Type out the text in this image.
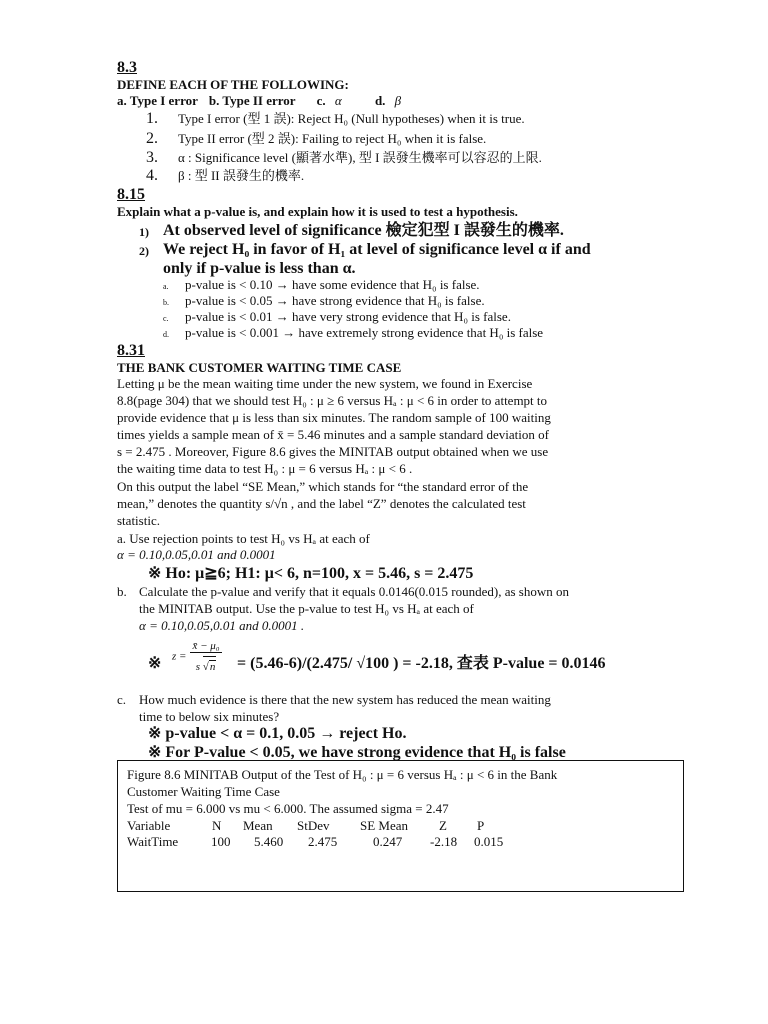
8.3
DEFINE EACH OF THE FOLLOWING:
a. Type I error b. Type II error c. α	d. β
1. Type I error (型 1 誤): Reject H₀ (Null hypotheses) when it is true.
2. Type II error (型 2 誤): Failing to reject H₀ when it is false.
3. α : Significance level (顯著水準), 型 I 誤發生機率可以容忍的上限.
4. β : 型 II 誤發生的機率.
8.15
Explain what a p-value is, and explain how it is used to test a hypothesis.
1) At observed level of significance 檢定犯型 I 誤發生的機率.
2) We reject H₀ in favor of H₁ at level of significance level α if and
only if p-value is less than α.
a. p-value is < 0.10 → have some evidence that H₀ is false.
b. p-value is < 0.05 → have strong evidence that H₀ is false.
c. p-value is < 0.01 → have very strong evidence that H₀ is false.
d. p-value is < 0.001 → have extremely strong evidence that H₀ is false
8.31
THE BANK CUSTOMER WAITING TIME CASE
Letting μ be the mean waiting time under the new system, we found in Exercise
8.8(page 304) that we should test H₀ : μ ≥ 6 versus Hₐ : μ < 6 in order to attempt to
provide evidence that μ is less than six minutes. The random sample of 100 waiting
times yields a sample mean of x̄ = 5.46 minutes and a sample standard deviation of
s = 2.475 . Moreover, Figure 8.6 gives the MINITAB output obtained when we use
the waiting time data to test H₀ : μ = 6 versus Hₐ : μ < 6 .
On this output the label “SE Mean,” which stands for “the standard error of the
mean,” denotes the quantity s/√n , and the label “Z” denotes the calculated test
statistic.
a. Use rejection points to test H₀ vs Hₐ at each of
α = 0.10,0.05,0.01 and 0.0001
※ Ho: μ≧6; H1: μ< 6, n=100, x = 5.46, s = 2.475
b. Calculate the p-value and verify that it equals 0.0146(0.015 rounded), as shown on
the MINITAB output. Use the p-value to test H₀ vs Hₐ at each of
α = 0.10,0.05,0.01 and 0.0001 .
※ $z = \frac{\text{x̄ − μ₀}}{s √n} = (5.46-6)/(2.475/$ √100 ) = -2.18, 查表 P-value = 0.0146
c. How much evidence is there that the new system has reduced the mean waiting
time to below six minutes?
※ p-value < α = 0.1, 0.05 → reject Ho.
※ For P-value < 0.05, we have strong evidence that H₀ is false
Figure 8.6 MINITAB Output of the Test of H₀ : μ = 6 versus Hₐ : μ < 6 in the Bank
Customer Waiting Time Case
Test of mu = 6.000 vs mu < 6.000. The assumed sigma = 2.47
Variable	N Mean StDev SE Mean Z P
WaitTime	100 5.460 2.475	0.247 -2.18 0.015
